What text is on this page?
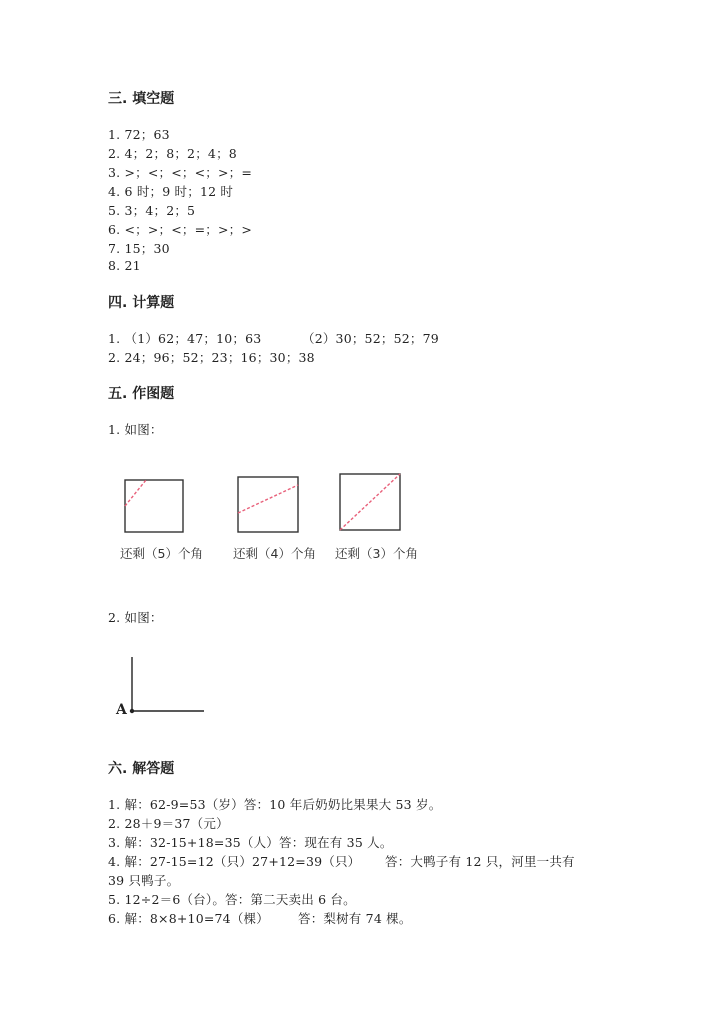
三. 填空题
1. 72；63
2. 4；2；8；2；4；8
3. >；<；<；<；>；=
4. 6 时；9 时；12 时
5. 3；4；2；5
6. <；>；<；=；>；>
7. 15；30
8. 21
四. 计算题
1. （1）62；47；10；63	（2）30；52；52；79
2. 24；96；52；23；16；30；38
五. 作图题
1. 如图：
还剩（5）个角 还剩（4）个角 还剩（3）个角
2. 如图：
A
六. 解答题
1. 解：62-9=53（岁）答：10 年后奶奶比果果大 53 岁。
2. 28＋9＝37（元）
3. 解：32-15+18=35（人）答：现在有 35 人。
4. 解：27-15=12（只）27+12=39（只） 答：大鸭子有 12 只，河里一共有
39 只鸭子。
5. 12÷2＝6（台）。答：第二天卖出 6 台。
6. 解：8×8+10=74（棵） 答：梨树有 74 棵。
